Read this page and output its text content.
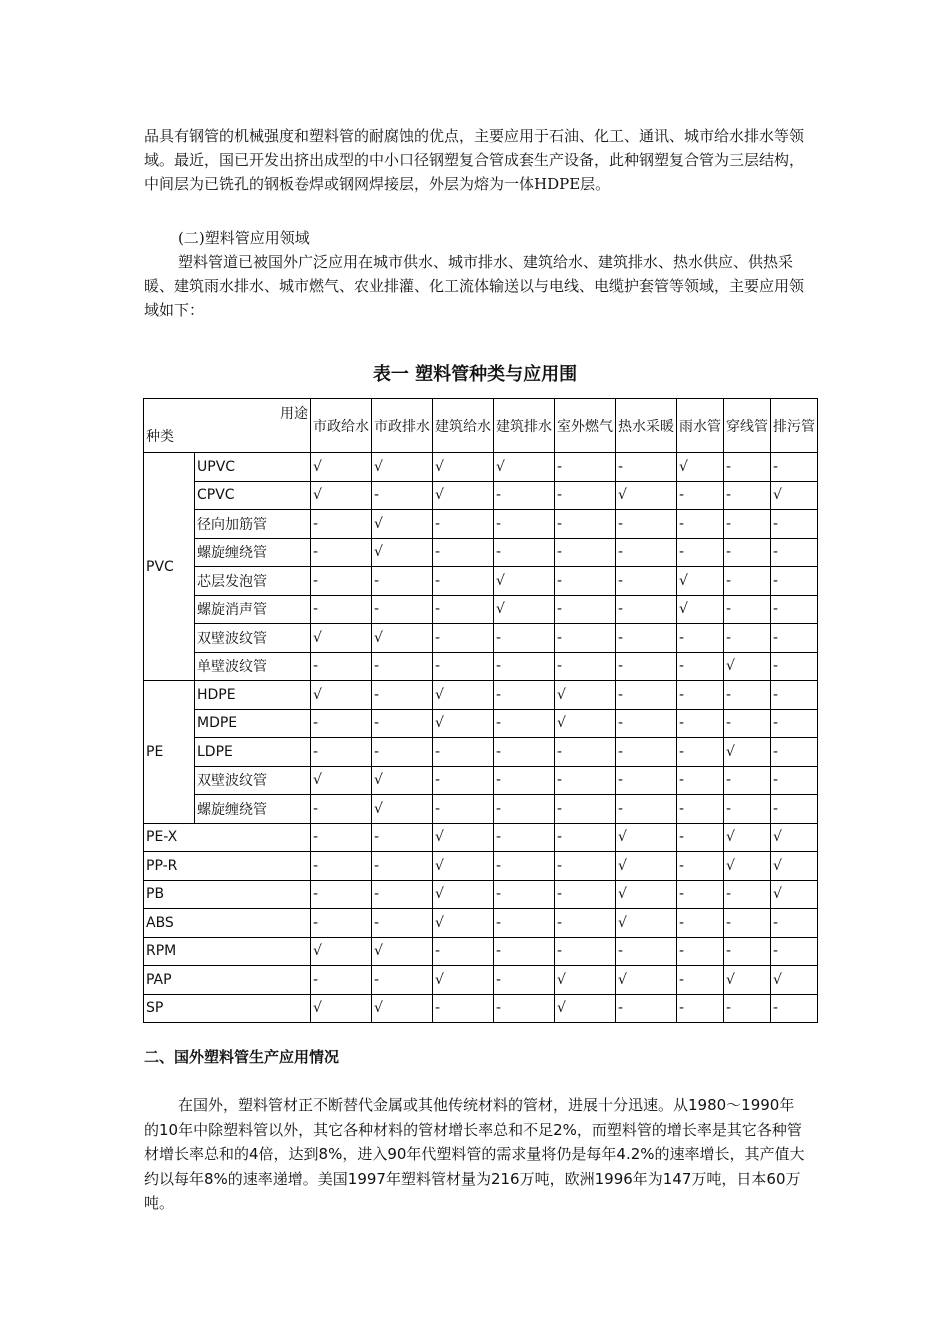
品具有钢管的机械强度和塑料管的耐腐蚀的优点，主要应用于石油、化工、通讯、城市给水排水等领域。最近，国已开发出挤出成型的中小口径钢塑复合管成套生产设备，此种钢塑复合管为三层结构，中间层为已铣孔的钢板卷焊或钢网焊接层，外层为熔为一体HDPE层。
(二)塑料管应用领域
塑料管道已被国外广泛应用在城市供水、城市排水、建筑给水、建筑排水、热水供应、供热采暖、建筑雨水排水、城市燃气、农业排灌、化工流体输送以与电线、电缆护套管等领域，主要应用领域如下：
表一 塑料管种类与应用围
用途
种类		市政给水	市政排水	建筑给水	建筑排水	室外燃气	热水采暖	雨水管	穿线管	排污管
PVC	UPVC	√	√	√	√	-	-	√	-	-
	CPVC	√	-	√	-	-	√	-	-	√
	径向加筋管	-	√	-	-	-	-	-	-	-
	螺旋缠绕管	-	√	-	-	-	-	-	-	-
	芯层发泡管	-	-	-	√	-	-	√	-	-
	螺旋消声管	-	-	-	√	-	-	√	-	-
	双壁波纹管	√	√	-	-	-	-	-	-	-
	单壁波纹管	-	-	-	-	-	-	-	√	-
PE	HDPE	√	-	√	-	√	-	-	-	-
	MDPE	-	-	√	-	√	-	-	-	-
	LDPE	-	-	-	-	-	-	-	√	-
	双壁波纹管	√	√	-	-	-	-	-	-	-
	螺旋缠绕管	-	√	-	-	-	-	-	-	-
PE-X		-	-	√	-	-	√	-	√	√
PP-R		-	-	√	-	-	√	-	√	√
PB		-	-	√	-	-	√	-	-	√
ABS		-	-	√	-	-	√	-	-	-
RPM		√	√	-	-	-	-	-	-	-
PAP		-	-	√	-	√	√	-	√	√
SP		√	√	-	-	√	-	-	-	-
二、国外塑料管生产应用情况
在国外，塑料管材正不断替代金属或其他传统材料的管材，进展十分迅速。从1980～1990年的10年中除塑料管以外，其它各种材料的管材增长率总和不足2%，而塑料管的增长率是其它各种管材增长率总和的4倍，达到8%，进入90年代塑料管的需求量将仍是每年4.2%的速率增长，其产值大约以每年8%的速率递增。美国1997年塑料管材量为216万吨，欧洲1996年为147万吨，日本60万吨。
